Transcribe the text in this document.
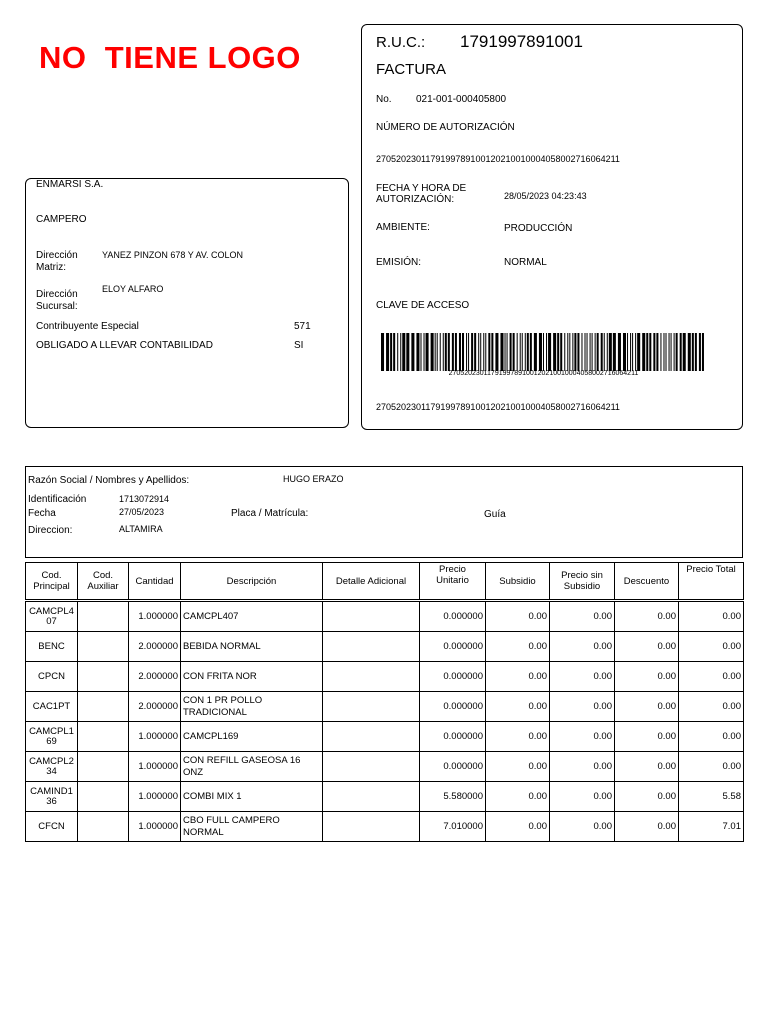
NO  TIENE LOGO	R.U.C.: 1791997891001
FACTURA
No. 021-001-000405800
NÚMERO DE AUTORIZACIÓN
2705202301179199789100120210010004058002716064211
FECHA Y HORA DE AUTORIZACIÓN:	28/05/2023 04:23:43
AMBIENTE:	PRODUCCIÓN
EMISIÓN:	NORMAL
CLAVE DE ACCESO
2705202301179199789100120210010004058002716064211
2705202301179199789100120210010004058002716064211
ENMARSI S.A.
CAMPERO
Dirección Matriz:
YANEZ PINZON 678 Y AV. COLON
Dirección Sucursal:
ELOY ALFARO
Contribuyente Especial	571
OBLIGADO A LLEVAR CONTABILIDAD	SI
Razón Social / Nombres y Apellidos:	HUGO ERAZO
Identificación	1713072914
Fecha	27/05/2023	Placa / Matrícula:	Guía
Direccion:	ALTAMIRA
Cod. Principal	Cod. Auxiliar	Cantidad	Descripción	Detalle Adicional	Precio Unitario	Subsidio	Precio sin Subsidio	Descuento	Precio Total

CAMCPL407		1.000000	CAMCPL407		0.000000	0.00	0.00	0.00	0.00
BENC		2.000000	BEBIDA NORMAL		0.000000	0.00	0.00	0.00	0.00
CPCN		2.000000	CON FRITA NOR		0.000000	0.00	0.00	0.00	0.00
CAC1PT		2.000000	CON 1 PR POLLO TRADICIONAL		0.000000	0.00	0.00	0.00	0.00
CAMCPL169		1.000000	CAMCPL169		0.000000	0.00	0.00	0.00	0.00
CAMCPL234		1.000000	CON REFILL GASEOSA 16 ONZ		0.000000	0.00	0.00	0.00	0.00
CAMIND136		1.000000	COMBI MIX 1		5.580000	0.00	0.00	0.00	5.58
CFCN		1.000000	CBO FULL CAMPERO NORMAL		7.010000	0.00	0.00	0.00	7.01
